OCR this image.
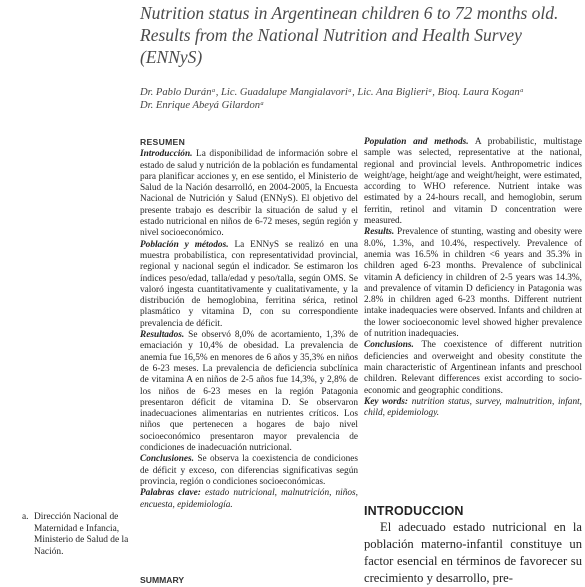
Nutrition status in Argentinean children 6 to 72 months old. Results from the National Nutrition and Health Survey (ENNyS)
Dr. Pablo Duránᵃ, Lic. Guadalupe Mangialavoriᵃ, Lic. Ana Biglieriᵃ, Bioq. Laura Koganᵃ
Dr. Enrique Abeyá Gilardonᵃ
RESUMEN

Introducción. La disponibilidad de información sobre el estado de salud y nutrición de la población es fundamental para planificar acciones y, en ese sentido, el Ministerio de Salud de la Nación desarrolló, en 2004-2005, la Encuesta Nacional de Nutrición y Salud (ENNyS). El objetivo del presente trabajo es describir la situación de salud y el estado nutricional en niños de 6-72 meses, según región y nivel socioeconómico.

Población y métodos. La ENNyS se realizó en una muestra probabilística, con representatividad provincial, regional y nacional según el indicador. Se estimaron los índices peso/edad, talla/edad y peso/talla, según OMS. Se valoró ingesta cuantitativamente y cualitativamente, y la distribución de hemoglobina, ferritina sérica, retinol plasmático y vitamina D, con su correspondiente prevalencia de déficit.

Resultados. Se observó 8,0% de acortamiento, 1,3% de emaciación y 10,4% de obesidad. La prevalencia de anemia fue 16,5% en menores de 6 años y 35,3% en niños de 6-23 meses. La prevalencia de deficiencia subclínica de vitamina A en niños de 2-5 años fue 14,3%, y 2,8% de los niños de 6-23 meses en la región Patagonia presentaron déficit de vitamina D. Se observaron inadecuaciones alimentarias en nutrientes críticos. Los niños que pertenecen a hogares de bajo nivel socioeconómico presentaron mayor prevalencia de condiciones de inadecuación nutricional.

Conclusiones. Se observa la coexistencia de condiciones de déficit y exceso, con diferencias significativas según provincia, región o condiciones socioeconómicas.

Palabras clave: estado nutricional, malnutrición, niños, encuesta, epidemiología.

SUMMARY

Population and methods. A probabilistic, multistage sample was selected, representative at the national, regional and provincial levels. Anthropometric indices weight/age, height/age and weight/height, were estimated, according to WHO reference. Nutrient intake was estimated by a 24-hours recall, and hemoglobin, serum ferritin, retinol and vitamin D concentration were measured.

Results. Prevalence of stunting, wasting and obesity were 8.0%, 1.3%, and 10.4%, respectively. Prevalence of anemia was 16.5% in children <6 years and 35.3% in children aged 6-23 months. Prevalence of subclinical vitamin A deficiency in children of 2-5 years was 14.3%, and prevalence of vitamin D deficiency in Patagonia was 2.8% in children aged 6-23 months. Different nutrient intake inadequacies were observed. Infants and children at the lower socioeconomic level showed higher prevalence of nutrition inadequacies.

Conclusions. The coexistence of different nutrition deficiencies and overweight and obesity constitute the main characteristic of Argentinean infants and preschool children. Relevant differences exist according to socio-economic and geographic conditions.

Key words: nutrition status, survey, malnutrition, infant, child, epidemiology.

a. Dirección Nacional de Maternidad e Infancia, Ministerio de Salud de la Nación.
INTRODUCCION
El adecuado estado nutricional en la población materno-infantil constituye un factor esencial en términos de favorecer su crecimiento y desarrollo, pre-
